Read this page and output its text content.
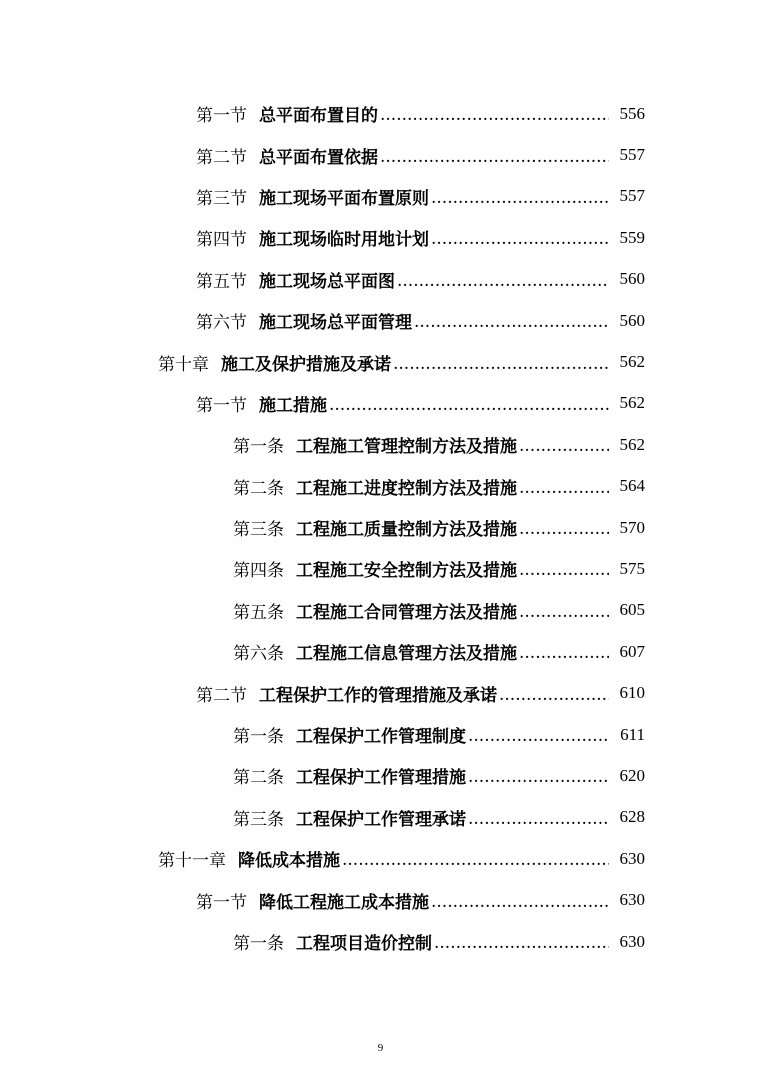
第一节 总平面布置目的 .....	556
第二节 总平面布置依据 .....	557
第三节 施工现场平面布置原则 .....	557
第四节 施工现场临时用地计划 .....	559
第五节 施工现场总平面图 .....	560
第六节 施工现场总平面管理 .....	560
第十章 施工及保护措施及承诺 .....	562
第一节 施工措施 .....	562
第一条 工程施工管理控制方法及措施 .....	562
第二条 工程施工进度控制方法及措施 .....	564
第三条 工程施工质量控制方法及措施 .....	570
第四条 工程施工安全控制方法及措施 .....	575
第五条 工程施工合同管理方法及措施 .....	605
第六条 工程施工信息管理方法及措施 .....	607
第二节 工程保护工作的管理措施及承诺 .....	610
第一条 工程保护工作管理制度 .....	611
第二条 工程保护工作管理措施 .....	620
第三条 工程保护工作管理承诺 .....	628
第十一章 降低成本措施 .....	630
第一节 降低工程施工成本措施 .....	630
第一条 工程项目造价控制 .....	630
9
